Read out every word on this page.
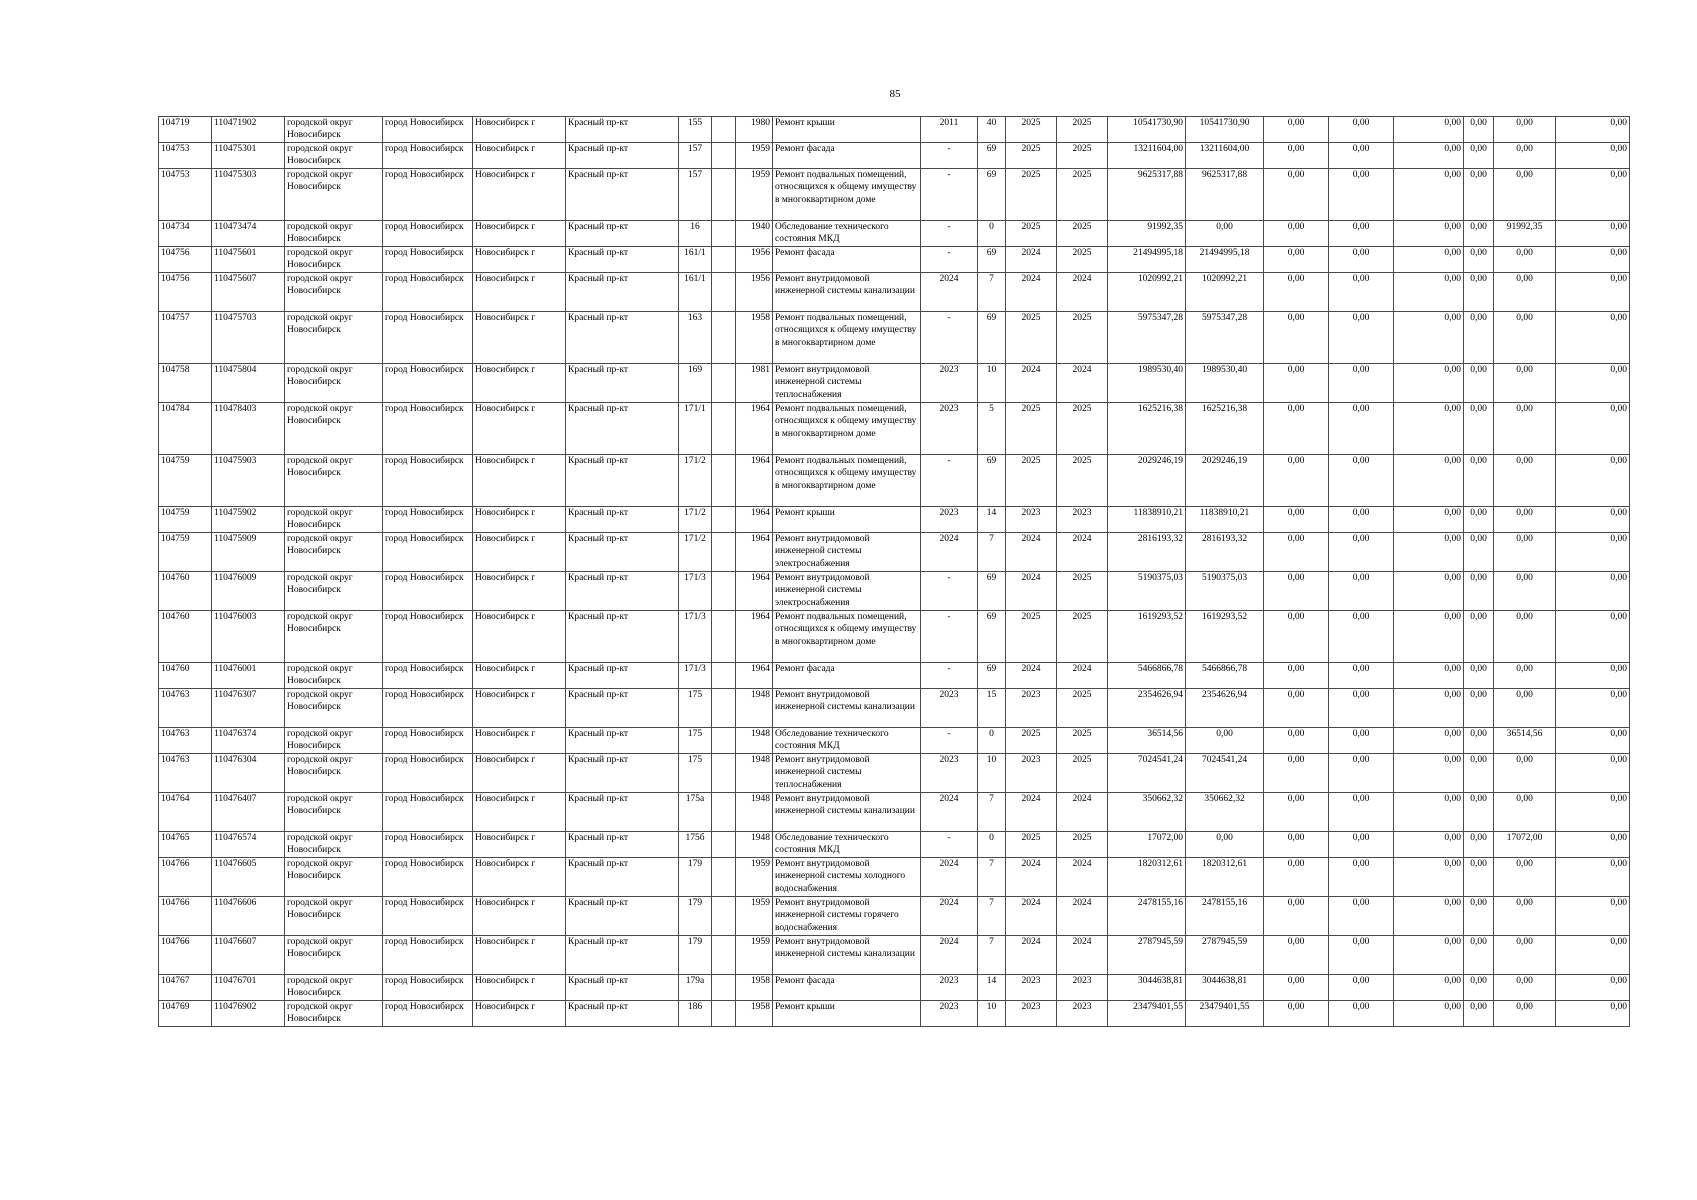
85
104719	110471902	городской округ Новосибирск	город Новосибирск	Новосибирск г	Красный пр-кт	155		1980	Ремонт крыши	2011	40	2025	2025	10541730,90	10541730,90	0,00	0,00	0,00	0,00	0,00	0,00
104753	110475301	городской округ Новосибирск	город Новосибирск	Новосибирск г	Красный пр-кт	157		1959	Ремонт фасада	-	69	2025	2025	13211604,00	13211604,00	0,00	0,00	0,00	0,00	0,00	0,00
104753	110475303	городской округ Новосибирск	город Новосибирск	Новосибирск г	Красный пр-кт	157		1959	Ремонт подвальных помещений, относящихся к общему имуществу в многоквартирном доме	-	69	2025	2025	9625317,88	9625317,88	0,00	0,00	0,00	0,00	0,00	0,00
104734	110473474	городской округ Новосибирск	город Новосибирск	Новосибирск г	Красный пр-кт	16		1940	Обследование технического состояния МКД	-	0	2025	2025	91992,35	0,00	0,00	0,00	0,00	0,00	91992,35	0,00
104756	110475601	городской округ Новосибирск	город Новосибирск	Новосибирск г	Красный пр-кт	161/1		1956	Ремонт фасада	-	69	2024	2025	21494995,18	21494995,18	0,00	0,00	0,00	0,00	0,00	0,00
104756	110475607	городской округ Новосибирск	город Новосибирск	Новосибирск г	Красный пр-кт	161/1		1956	Ремонт внутридомовой инженерной системы канализации	2024	7	2024	2024	1020992,21	1020992,21	0,00	0,00	0,00	0,00	0,00	0,00
104757	110475703	городской округ Новосибирск	город Новосибирск	Новосибирск г	Красный пр-кт	163		1958	Ремонт подвальных помещений, относящихся к общему имуществу в многоквартирном доме	-	69	2025	2025	5975347,28	5975347,28	0,00	0,00	0,00	0,00	0,00	0,00
104758	110475804	городской округ Новосибирск	город Новосибирск	Новосибирск г	Красный пр-кт	169		1981	Ремонт внутридомовой инженерной системы теплоснабжения	2023	10	2024	2024	1989530,40	1989530,40	0,00	0,00	0,00	0,00	0,00	0,00
104784	110478403	городской округ Новосибирск	город Новосибирск	Новосибирск г	Красный пр-кт	171/1		1964	Ремонт подвальных помещений, относящихся к общему имуществу в многоквартирном доме	2023	5	2025	2025	1625216,38	1625216,38	0,00	0,00	0,00	0,00	0,00	0,00
104759	110475903	городской округ Новосибирск	город Новосибирск	Новосибирск г	Красный пр-кт	171/2		1964	Ремонт подвальных помещений, относящихся к общему имуществу в многоквартирном доме	-	69	2025	2025	2029246,19	2029246,19	0,00	0,00	0,00	0,00	0,00	0,00
104759	110475902	городской округ Новосибирск	город Новосибирск	Новосибирск г	Красный пр-кт	171/2		1964	Ремонт крыши	2023	14	2023	2023	11838910,21	11838910,21	0,00	0,00	0,00	0,00	0,00	0,00
104759	110475909	городской округ Новосибирск	город Новосибирск	Новосибирск г	Красный пр-кт	171/2		1964	Ремонт внутридомовой инженерной системы электроснабжения	2024	7	2024	2024	2816193,32	2816193,32	0,00	0,00	0,00	0,00	0,00	0,00
104760	110476009	городской округ Новосибирск	город Новосибирск	Новосибирск г	Красный пр-кт	171/3		1964	Ремонт внутридомовой инженерной системы электроснабжения	-	69	2024	2025	5190375,03	5190375,03	0,00	0,00	0,00	0,00	0,00	0,00
104760	110476003	городской округ Новосибирск	город Новосибирск	Новосибирск г	Красный пр-кт	171/3		1964	Ремонт подвальных помещений, относящихся к общему имуществу в многоквартирном доме	-	69	2025	2025	1619293,52	1619293,52	0,00	0,00	0,00	0,00	0,00	0,00
104760	110476001	городской округ Новосибирск	город Новосибирск	Новосибирск г	Красный пр-кт	171/3		1964	Ремонт фасада	-	69	2024	2024	5466866,78	5466866,78	0,00	0,00	0,00	0,00	0,00	0,00
104763	110476307	городской округ Новосибирск	город Новосибирск	Новосибирск г	Красный пр-кт	175		1948	Ремонт внутридомовой инженерной системы канализации	2023	15	2023	2025	2354626,94	2354626,94	0,00	0,00	0,00	0,00	0,00	0,00
104763	110476374	городской округ Новосибирск	город Новосибирск	Новосибирск г	Красный пр-кт	175		1948	Обследование технического состояния МКД	-	0	2025	2025	36514,56	0,00	0,00	0,00	0,00	0,00	36514,56	0,00
104763	110476304	городской округ Новосибирск	город Новосибирск	Новосибирск г	Красный пр-кт	175		1948	Ремонт внутридомовой инженерной системы теплоснабжения	2023	10	2023	2025	7024541,24	7024541,24	0,00	0,00	0,00	0,00	0,00	0,00
104764	110476407	городской округ Новосибирск	город Новосибирск	Новосибирск г	Красный пр-кт	175а		1948	Ремонт внутридомовой инженерной системы канализации	2024	7	2024	2024	350662,32	350662,32	0,00	0,00	0,00	0,00	0,00	0,00
104765	110476574	городской округ Новосибирск	город Новосибирск	Новосибирск г	Красный пр-кт	175б		1948	Обследование технического состояния МКД	-	0	2025	2025	17072,00	0,00	0,00	0,00	0,00	0,00	17072,00	0,00
104766	110476605	городской округ Новосибирск	город Новосибирск	Новосибирск г	Красный пр-кт	179		1959	Ремонт внутридомовой инженерной системы холодного водоснабжения	2024	7	2024	2024	1820312,61	1820312,61	0,00	0,00	0,00	0,00	0,00	0,00
104766	110476606	городской округ Новосибирск	город Новосибирск	Новосибирск г	Красный пр-кт	179		1959	Ремонт внутридомовой инженерной системы горячего водоснабжения	2024	7	2024	2024	2478155,16	2478155,16	0,00	0,00	0,00	0,00	0,00	0,00
104766	110476607	городской округ Новосибирск	город Новосибирск	Новосибирск г	Красный пр-кт	179		1959	Ремонт внутридомовой инженерной системы канализации	2024	7	2024	2024	2787945,59	2787945,59	0,00	0,00	0,00	0,00	0,00	0,00
104767	110476701	городской округ Новосибирск	город Новосибирск	Новосибирск г	Красный пр-кт	179а		1958	Ремонт фасада	2023	14	2023	2023	3044638,81	3044638,81	0,00	0,00	0,00	0,00	0,00	0,00
104769	110476902	городской округ Новосибирск	город Новосибирск	Новосибирск г	Красный пр-кт	186		1958	Ремонт крыши	2023	10	2023	2023	23479401,55	23479401,55	0,00	0,00	0,00	0,00	0,00	0,00
